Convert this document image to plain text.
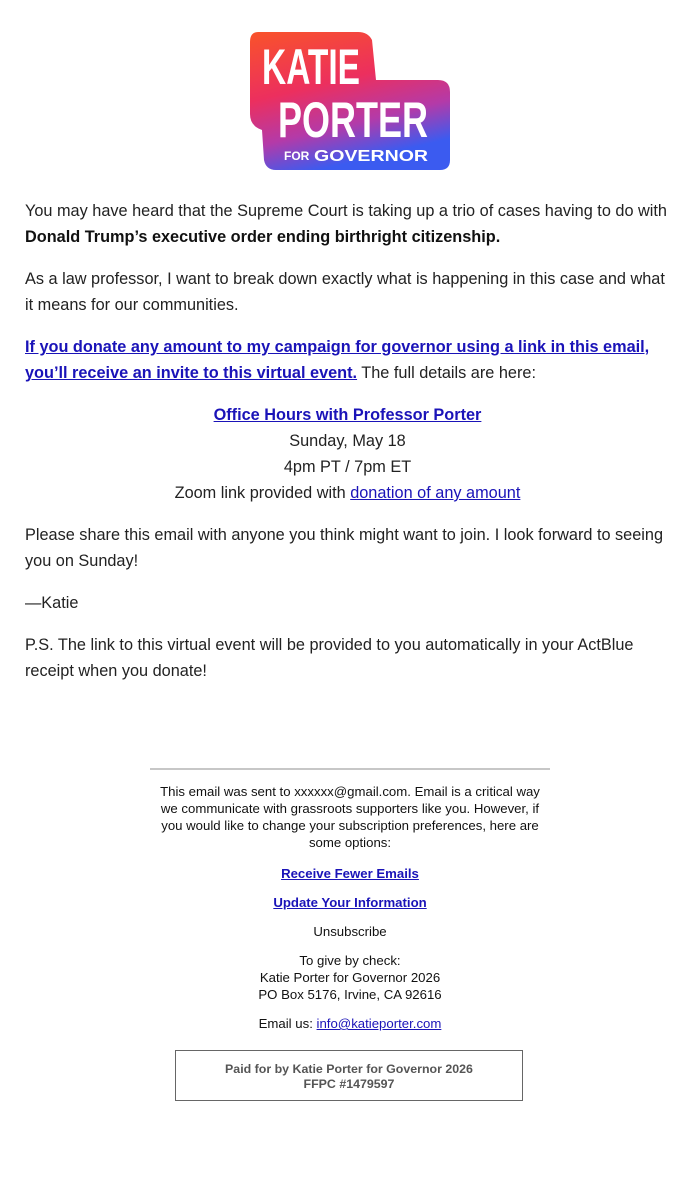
KATIE
PORTER
FOR GOVERNOR

You may have heard that the Supreme Court is taking up a trio of cases having to do with Donald Trump’s executive order ending birthright citizenship.

As a law professor, I want to break down exactly what is happening in this case and what it means for our communities.

If you donate any amount to my campaign for governor using a link in this email, you’ll receive an invite to this virtual event. The full details are here:

Office Hours with Professor Porter
Sunday, May 18
4pm PT / 7pm ET
Zoom link provided with donation of any amount

Please share this email with anyone you think might want to join. I look forward to seeing you on Sunday!

—Katie

P.S. The link to this virtual event will be provided to you automatically in your ActBlue receipt when you donate!

This email was sent to xxxxxx@gmail.com. Email is a critical way we communicate with grassroots supporters like you. However, if you would like to change your subscription preferences, here are some options:

Receive Fewer Emails

Update Your Information

Unsubscribe

To give by check:
Katie Porter for Governor 2026
PO Box 5176, Irvine, CA 92616

Email us: info@katieporter.com

Paid for by Katie Porter for Governor 2026
FFPC #1479597
